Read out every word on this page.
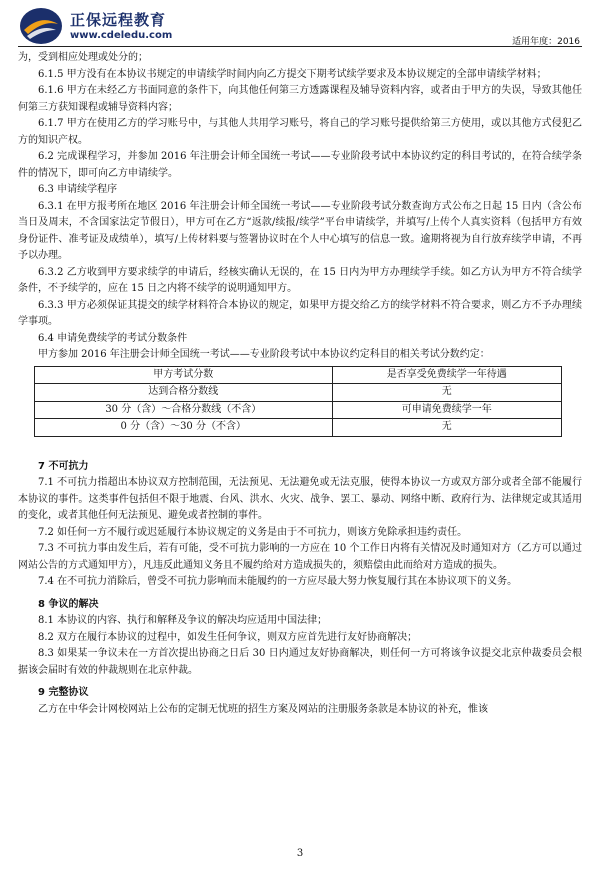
正保远程教育
www.cdeledu.com
适用年度：2016

为，受到相应处理或处分的；

6.1.5 甲方没有在本协议书规定的申请续学时间内向乙方提交下期考试续学要求及本协议规定的全部申请续学材料；

6.1.6 甲方在未经乙方书面同意的条件下，向其他任何第三方透露课程及辅导资料内容，或者由于甲方的失误，导致其他任何第三方获知课程或辅导资料内容；

6.1.7 甲方在使用乙方的学习账号中，与其他人共用学习账号，将自己的学习账号提供给第三方使用，或以其他方式侵犯乙方的知识产权。

6.2 完成课程学习，并参加 2016 年注册会计师全国统一考试——专业阶段考试中本协议约定的科目考试的，在符合续学条件的情况下，即可向乙方申请续学。

6.3 申请续学程序

6.3.1 在甲方报考所在地区 2016 年注册会计师全国统一考试——专业阶段考试分数查询方式公布之日起 15 日内（含公布当日及周末，不含国家法定节假日），甲方可在乙方“返款/续报/续学”平台申请续学，并填写/上传个人真实资料（包括甲方有效身份证件、准考证及成绩单），填写/上传材料要与签署协议时在个人中心填写的信息一致。逾期将视为自行放弃续学申请，不再予以办理。

6.3.2 乙方收到甲方要求续学的申请后，经核实确认无误的，在 15 日内为甲方办理续学手续。如乙方认为甲方不符合续学条件，不予续学的，应在 15 日之内将不续学的说明通知甲方。

6.3.3 甲方必须保证其提交的续学材料符合本协议的规定，如果甲方提交给乙方的续学材料不符合要求，则乙方不予办理续学事项。

6.4 申请免费续学的考试分数条件

甲方参加 2016 年注册会计师全国统一考试——专业阶段考试中本协议约定科目的相关考试分数约定：

甲方考试分数	是否享受免费续学一年待遇
达到合格分数线	无
30 分（含）～合格分数线（不含）	可申请免费续学一年
0 分（含）～30 分（不含）	无

7 不可抗力

7.1 不可抗力指超出本协议双方控制范围，无法预见、无法避免或无法克服，使得本协议一方或双方部分或者全部不能履行本协议的事件。这类事件包括但不限于地震、台风、洪水、火灾、战争、罢工、暴动、网络中断、政府行为、法律规定或其适用的变化，或者其他任何无法预见、避免或者控制的事件。

7.2 如任何一方不履行或迟延履行本协议规定的义务是由于不可抗力，则该方免除承担违约责任。

7.3 不可抗力事由发生后，若有可能，受不可抗力影响的一方应在 10 个工作日内将有关情况及时通知对方（乙方可以通过网站公告的方式通知甲方），凡违反此通知义务且不履约给对方造成损失的，须赔偿由此而给对方造成的损失。

7.4 在不可抗力消除后，曾受不可抗力影响而未能履约的一方应尽最大努力恢复履行其在本协议项下的义务。

8 争议的解决

8.1 本协议的内容、执行和解释及争议的解决均应适用中国法律；

8.2 双方在履行本协议的过程中，如发生任何争议，则双方应首先进行友好协商解决；

8.3 如果某一争议未在一方首次提出协商之日后 30 日内通过友好协商解决，则任何一方可将该争议提交北京仲裁委员会根据该会届时有效的仲裁规则在北京仲裁。

9 完整协议

乙方在中华会计网校网站上公布的定制无忧班的招生方案及网站的注册服务条款是本协议的补充，惟该

3
